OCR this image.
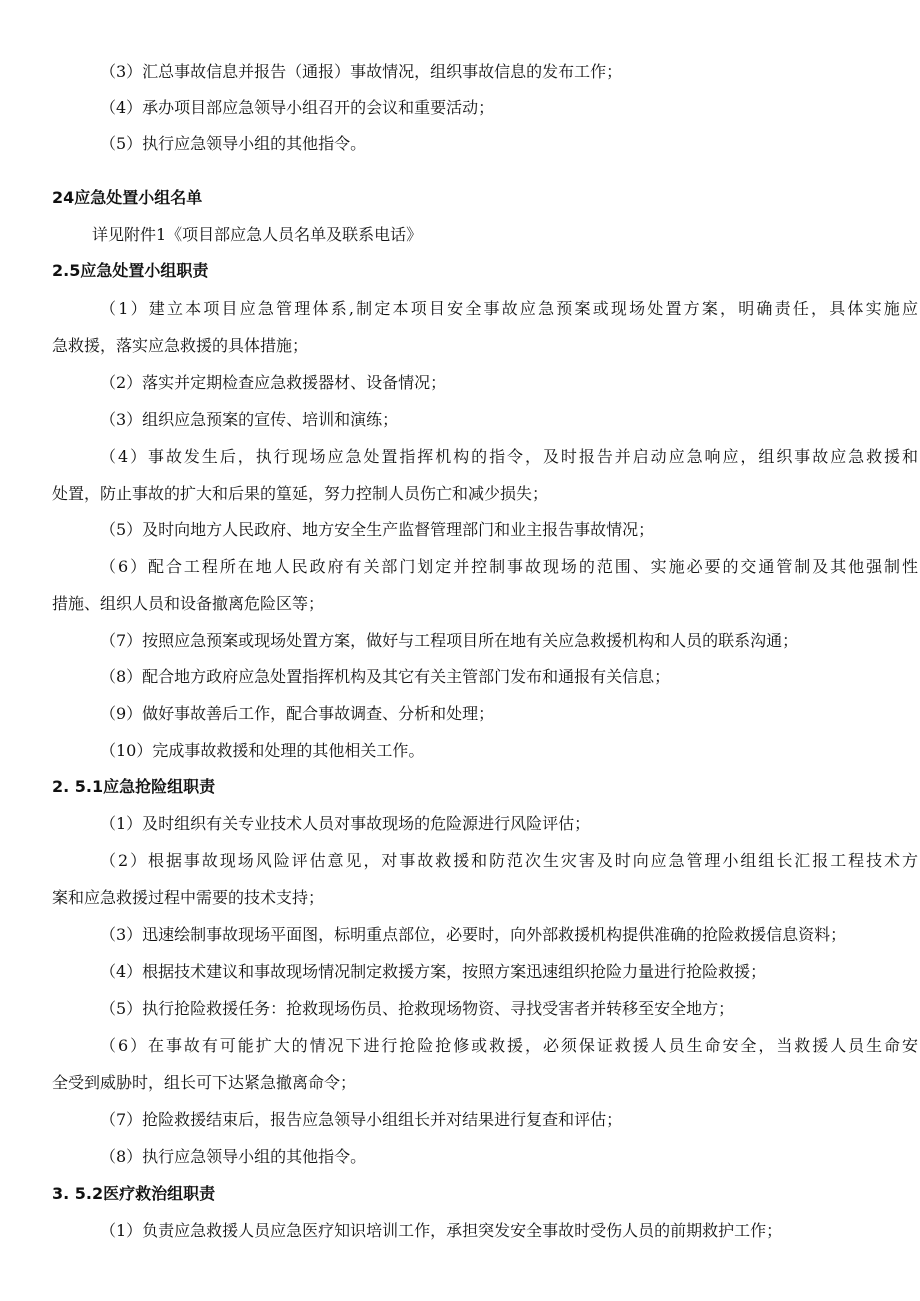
（3）汇总事故信息并报告（通报）事故情况，组织事故信息的发布工作；
（4）承办项目部应急领导小组召开的会议和重要活动；
（5）执行应急领导小组的其他指令。
24应急处置小组名单
详见附件1《项目部应急人员名单及联系电话》
2.5应急处置小组职责
（1）建立本项目应急管理体系,制定本项目安全事故应急预案或现场处置方案，明确责任，具体实施应
急救援，落实应急救援的具体措施；
（2）落实并定期检查应急救援器材、设备情况；
（3）组织应急预案的宣传、培训和演练；
（4）事故发生后，执行现场应急处置指挥机构的指令，及时报告并启动应急响应，组织事故应急救援和
处置，防止事故的扩大和后果的篁延，努力控制人员伤亡和减少损失；
（5）及时向地方人民政府、地方安全生产监督管理部门和业主报告事故情况；
（6）配合工程所在地人民政府有关部门划定并控制事故现场的范围、实施必要的交通管制及其他强制性
措施、组织人员和设备撤离危险区等；
（7）按照应急预案或现场处置方案，做好与工程项目所在地有关应急救援机构和人员的联系沟通；
（8）配合地方政府应急处置指挥机构及其它有关主管部门发布和通报有关信息；
（9）做好事故善后工作，配合事故调查、分析和处理；
（10）完成事故救援和处理的其他相关工作。
2. 5.1应急抢险组职责
（1）及时组织有关专业技术人员对事故现场的危险源进行风险评估；
（2）根据事故现场风险评估意见，对事故救援和防范次生灾害及时向应急管理小组组长汇报工程技术方
案和应急救援过程中需要的技术支持；
（3）迅速绘制事故现场平面图，标明重点部位，必要时，向外部救援机构提供准确的抢险救援信息资料；
（4）根据技术建议和事故现场情况制定救援方案，按照方案迅速组织抢险力量进行抢险救援；
（5）执行抢险救援任务：抢救现场伤员、抢救现场物资、寻找受害者并转移至安全地方；
（6）在事故有可能扩大的情况下进行抢险抢修或救援，必须保证救援人员生命安全，当救援人员生命安
全受到威胁时，组长可下达紧急撤离命令；
（7）抢险救援结束后，报告应急领导小组组长并对结果进行复查和评估；
（8）执行应急领导小组的其他指令。
3. 5.2医疗救治组职责
（1）负责应急救援人员应急医疗知识培训工作，承担突发安全事故时受伤人员的前期救护工作；
